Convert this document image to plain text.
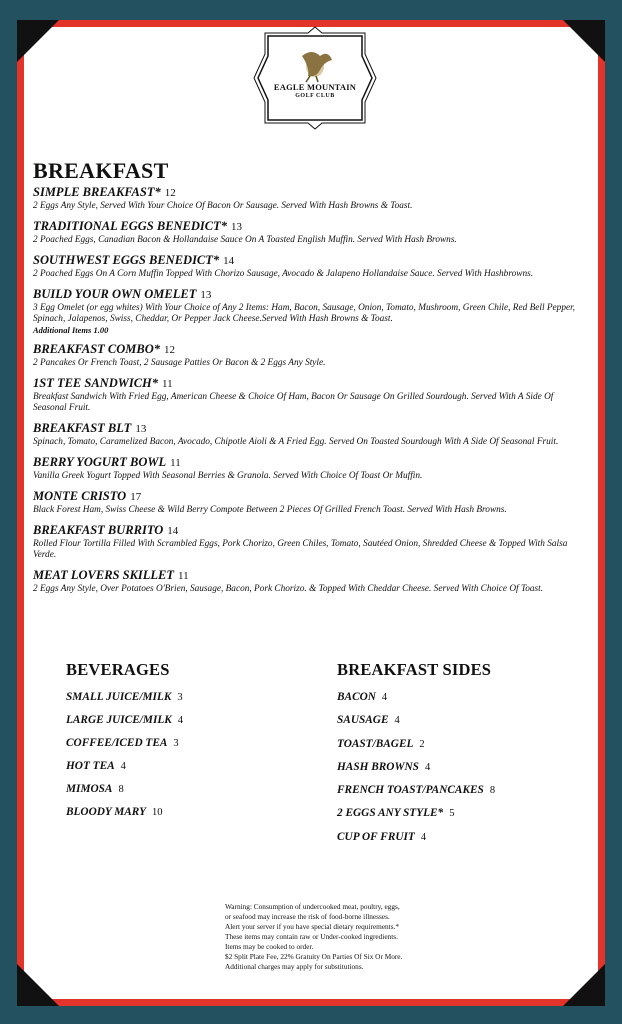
EAGLE MOUNTAIN
GOLF CLUB
BREAKFAST
SIMPLE BREAKFAST* 12
2 Eggs Any Style, Served With Your Choice Of Bacon Or Sausage. Served With Hash Browns & Toast.
TRADITIONAL EGGS BENEDICT* 13
2 Poached Eggs, Canadian Bacon & Hollandaise Sauce On A Toasted English Muffin. Served With Hash Browns.
SOUTHWEST EGGS BENEDICT* 14
2 Poached Eggs On A Corn Muffin Topped With Chorizo Sausage, Avocado & Jalapeno Hollandaise Sauce. Served With Hashbrowns.
BUILD YOUR OWN OMELET 13
3 Egg Omelet (or egg whites) With Your Choice of Any 2 Items: Ham, Bacon, Sausage, Onion, Tomato, Mushroom, Green Chile, Red Bell Pepper, Spinach, Jalapenos, Swiss, Cheddar, Or Pepper Jack Cheese.Served With Hash Browns & Toast.
Additional Items 1.00
BREAKFAST COMBO* 12
2 Pancakes Or French Toast, 2 Sausage Patties Or Bacon & 2 Eggs Any Style.
1ST TEE SANDWICH* 11
Breakfast Sandwich With Fried Egg, American Cheese & Choice Of Ham, Bacon Or Sausage On Grilled Sourdough. Served With A Side Of Seasonal Fruit.
BREAKFAST BLT 13
Spinach, Tomato, Caramelized Bacon, Avocado, Chipotle Aioli & A Fried Egg. Served On Toasted Sourdough With A Side Of Seasonal Fruit.
BERRY YOGURT BOWL 11
Vanilla Greek Yogurt Topped With Seasonal Berries & Granola. Served With Choice Of Toast Or Muffin.
MONTE CRISTO 17
Black Forest Ham, Swiss Cheese & Wild Berry Compote Between 2 Pieces Of Grilled French Toast. Served With Hash Browns.
BREAKFAST BURRITO 14
Rolled Flour Tortilla Filled With Scrambled Eggs, Pork Chorizo, Green Chiles, Tomato, Sautéed Onion, Shredded Cheese & Topped With Salsa Verde.
MEAT LOVERS SKILLET 11
2 Eggs Any Style, Over Potatoes O'Brien, Sausage, Bacon, Pork Chorizo. & Topped With Cheddar Cheese. Served With Choice Of Toast.
BEVERAGES
SMALL JUICE/MILK 3
LARGE JUICE/MILK 4
COFFEE/ICED TEA 3
HOT TEA 4
MIMOSA 8
BLOODY MARY 10
BREAKFAST SIDES
BACON 4
SAUSAGE 4
TOAST/BAGEL 2
HASH BROWNS 4
FRENCH TOAST/PANCAKES 8
2 EGGS ANY STYLE* 5
CUP OF FRUIT 4

Warning: Consumption of undercooked meat, poultry, eggs, or seafood may increase the risk of food-borne illnesses. Alert your server if you have special dietary requirements.* These items may contain raw or Under-cooked ingredients. Items may be cooked to order.

$2 Split Plate Fee, 22% Gratuity On Parties Of Six Or More. Additional charges may apply for substitutions.
